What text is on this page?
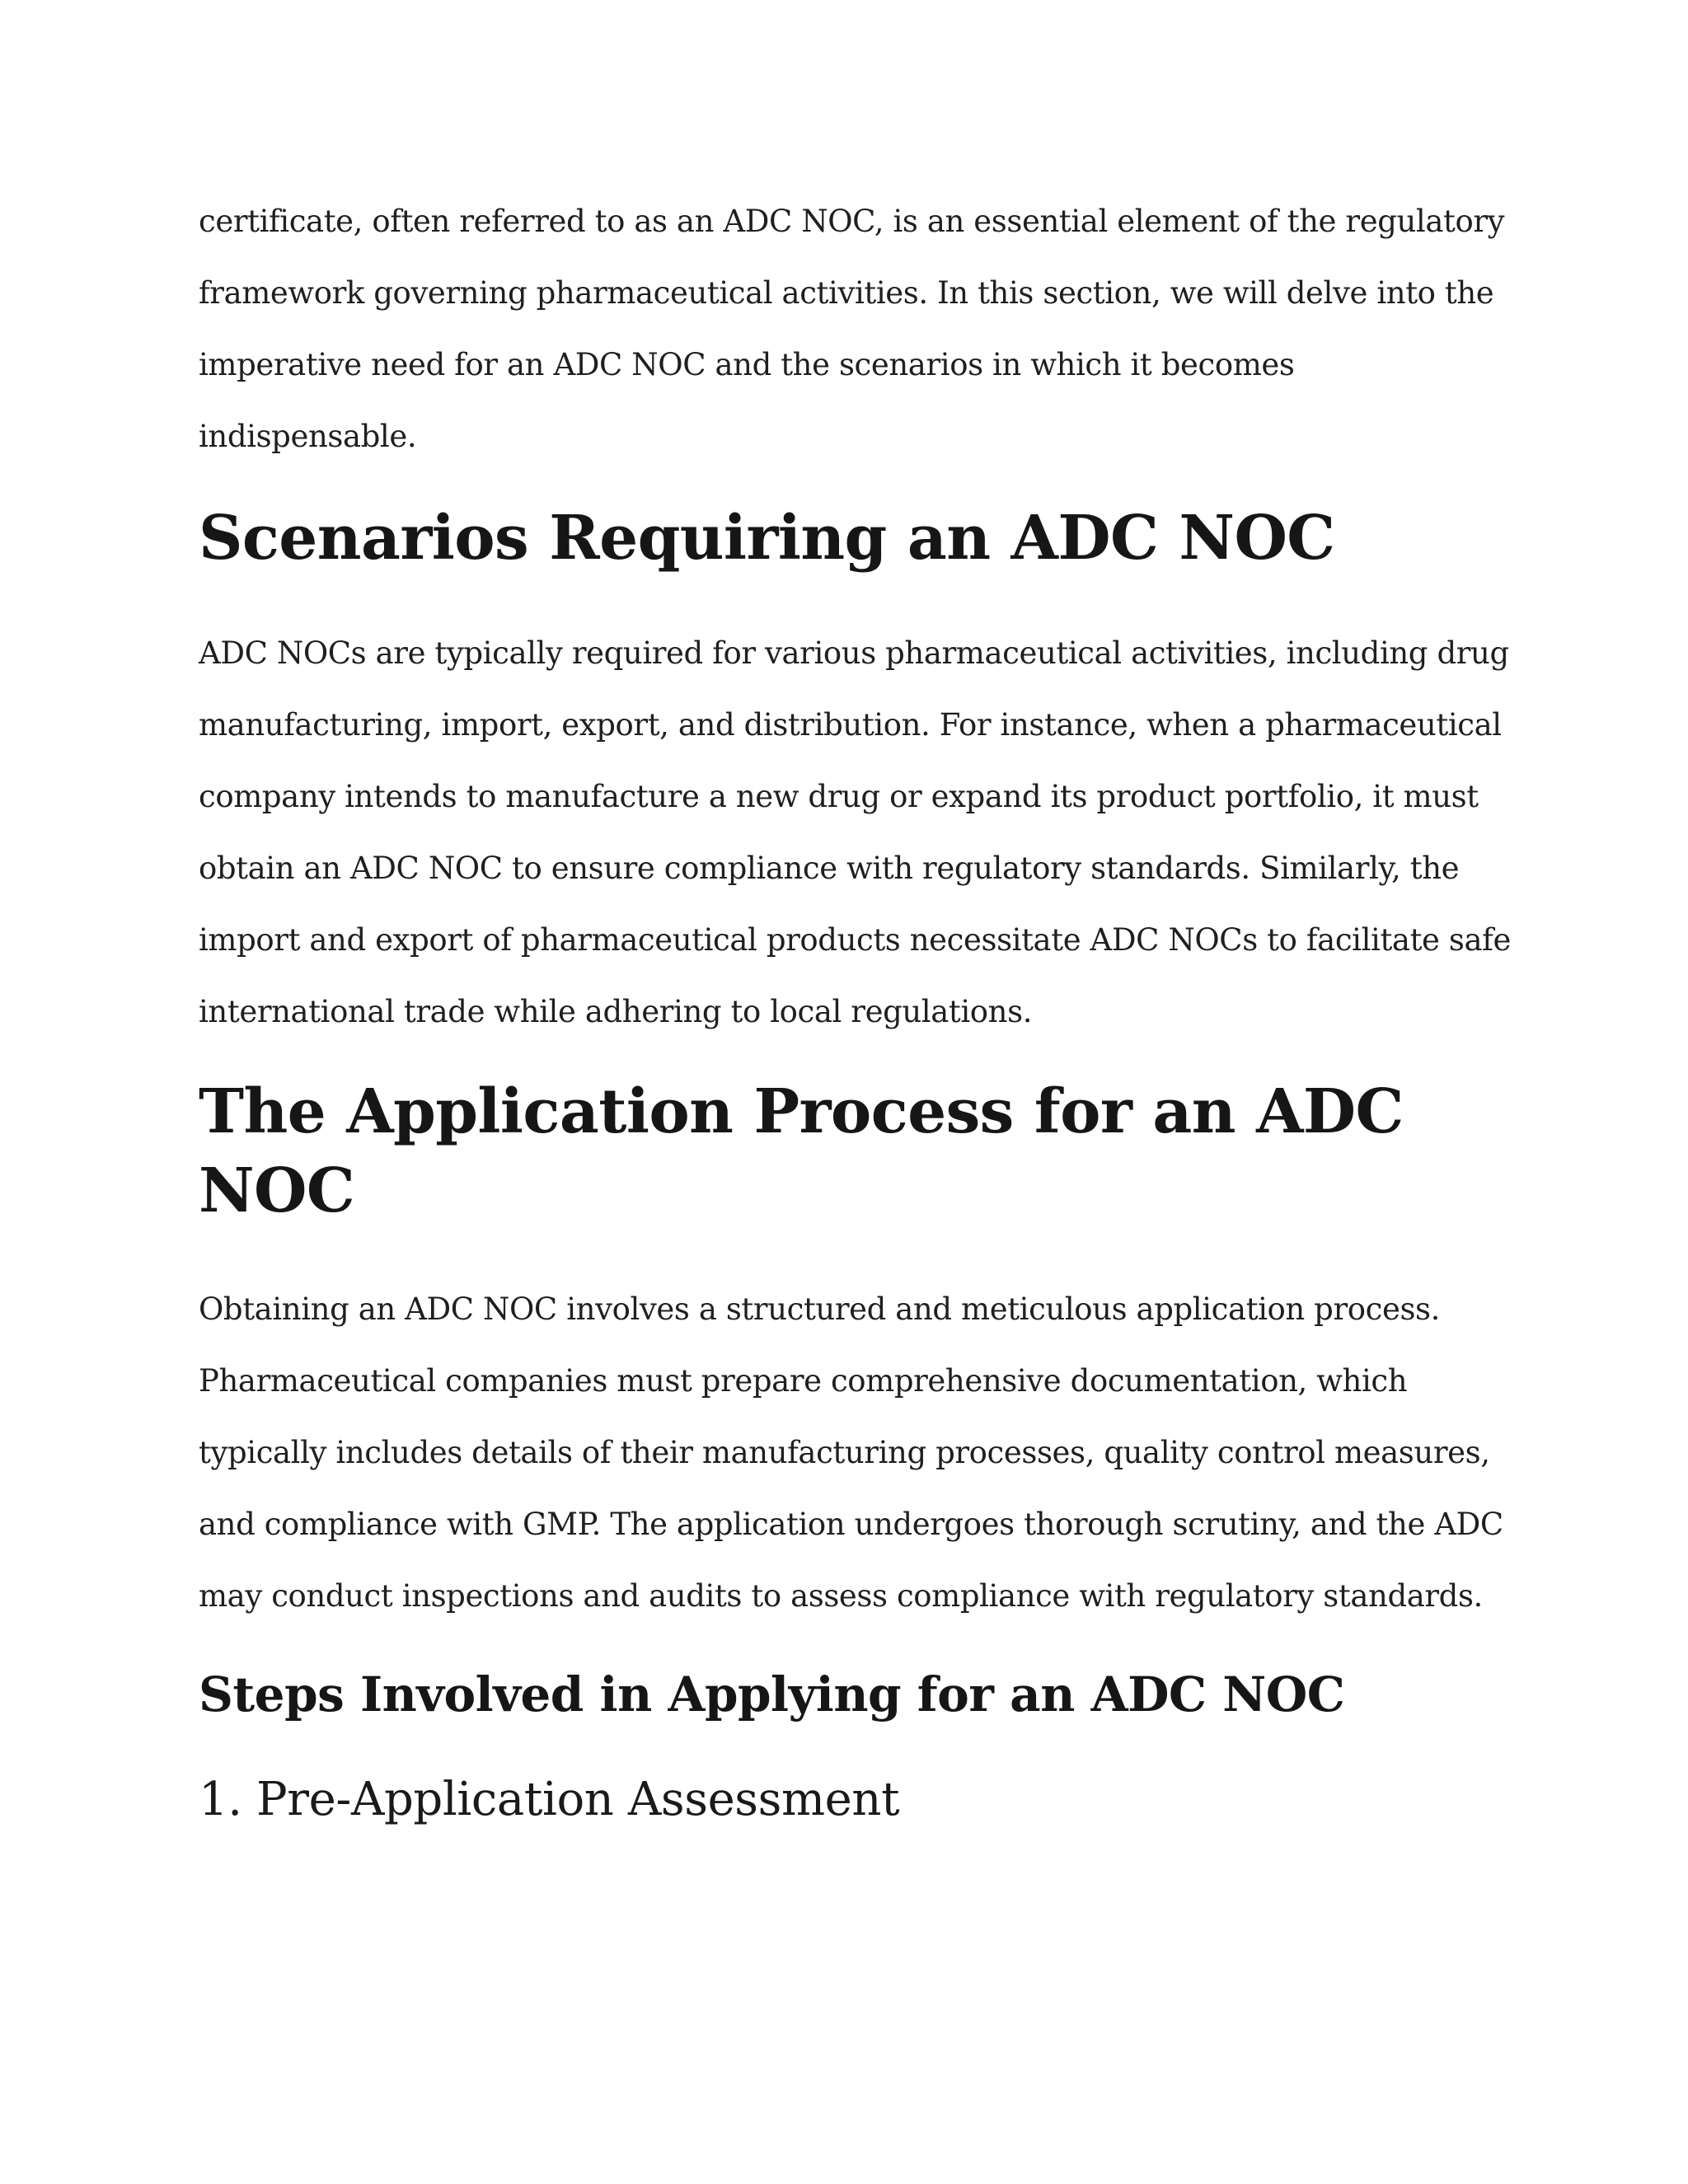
certificate, often referred to as an ADC NOC, is an essential element of the regulatory framework governing pharmaceutical activities. In this section, we will delve into the imperative need for an ADC NOC and the scenarios in which it becomes indispensable.

Scenarios Requiring an ADC NOC

ADC NOCs are typically required for various pharmaceutical activities, including drug manufacturing, import, export, and distribution. For instance, when a pharmaceutical company intends to manufacture a new drug or expand its product portfolio, it must obtain an ADC NOC to ensure compliance with regulatory standards. Similarly, the import and export of pharmaceutical products necessitate ADC NOCs to facilitate safe international trade while adhering to local regulations.

The Application Process for an ADC NOC

Obtaining an ADC NOC involves a structured and meticulous application process. Pharmaceutical companies must prepare comprehensive documentation, which typically includes details of their manufacturing processes, quality control measures, and compliance with GMP. The application undergoes thorough scrutiny, and the ADC may conduct inspections and audits to assess compliance with regulatory standards.

Steps Involved in Applying for an ADC NOC
1. Pre-Application Assessment
